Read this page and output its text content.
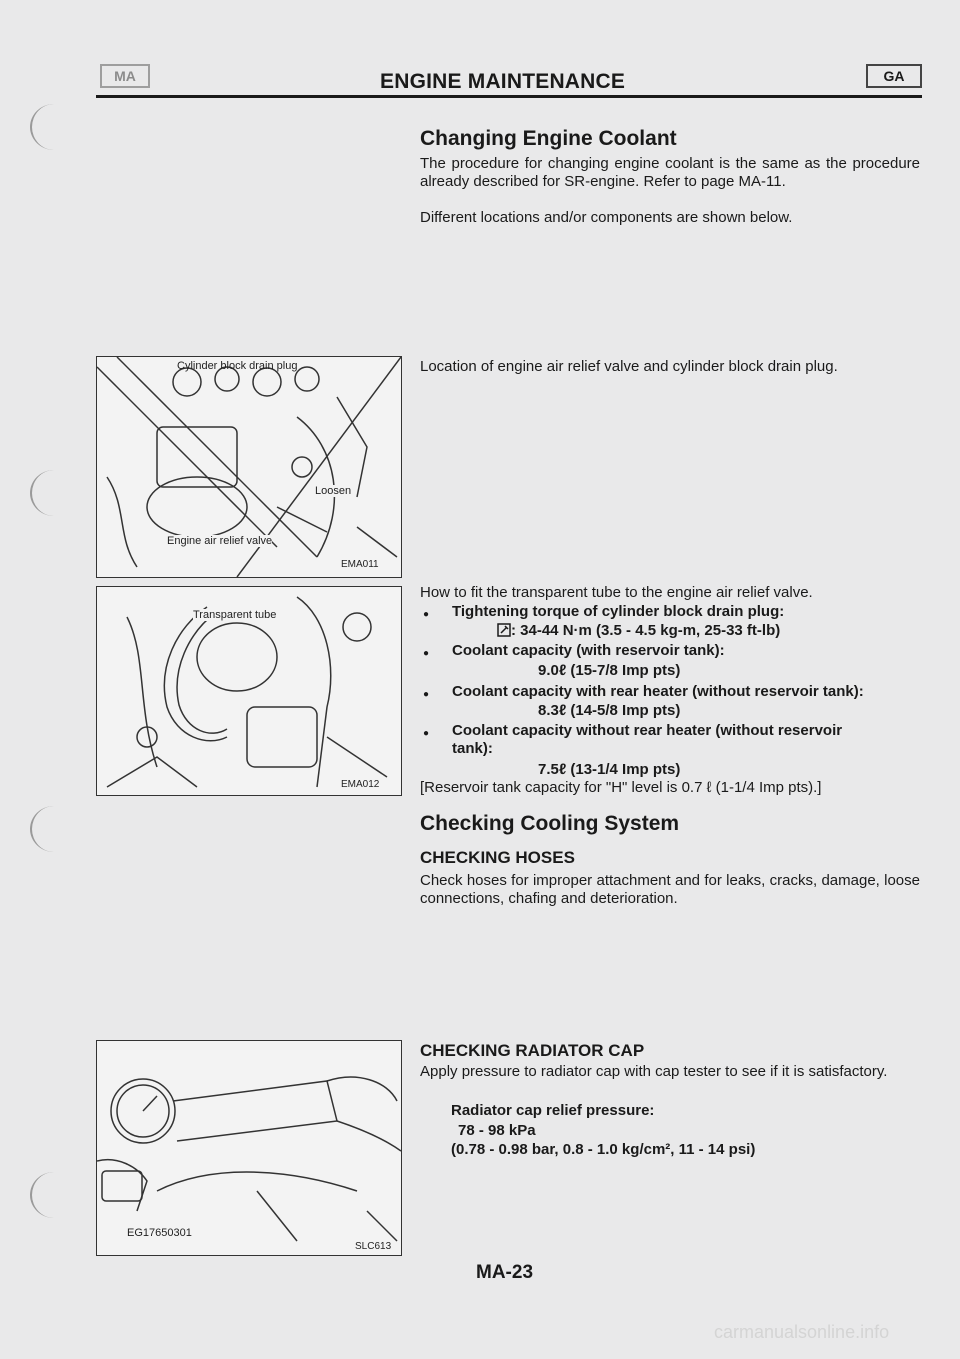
MA	ENGINE MAINTENANCE	GA
Changing Engine Coolant
The procedure for changing engine coolant is the same as the procedure already described for SR-engine. Refer to page MA-11.
Different locations and/or components are shown below.
Cylinder block drain plug
Loosen
Engine air relief valve
EMA011
Location of engine air relief valve and cylinder block drain plug.
Transparent tube
EMA012
How to fit the transparent tube to the engine air relief valve.
● Tightening torque of cylinder block drain plug:
: 34-44 N·m (3.5 - 4.5 kg-m, 25-33 ft-lb)
● Coolant capacity (with reservoir tank):
9.0ℓ (15-7/8 Imp pts)
● Coolant capacity with rear heater (without reservoir tank):
8.3ℓ (14-5/8 Imp pts)
● Coolant capacity without rear heater (without reservoir
tank):
7.5ℓ (13-1/4 Imp pts)
[Reservoir tank capacity for "H" level is 0.7 ℓ (1-1/4 Imp pts).]
Checking Cooling System
CHECKING HOSES
Check hoses for improper attachment and for leaks, cracks, damage, loose connections, chafing and deterioration.
CHECKING RADIATOR CAP
Apply pressure to radiator cap with cap tester to see if it is satisfactory.
Radiator cap relief pressure:
78 - 98 kPa
(0.78 - 0.98 bar, 0.8 - 1.0 kg/cm², 11 - 14 psi)
EG17650301
SLC613
MA-23
carmanualsonline.info
